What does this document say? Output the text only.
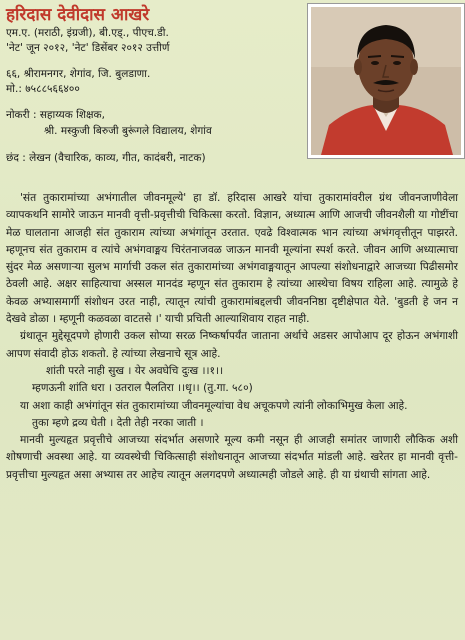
हरिदास देवीदास आखरे
एम.ए. (मराठी, इंग्रजी), बी.एड्., पीएच.डी.
'नेट' जून २०१२, 'नेट' डिसेंबर २०१२ उत्तीर्ण
६६, श्रीरामनगर, शेगांव, जि. बुलडाणा.
मो.: ७५८८५६६४००
नोकरी : सहाय्यक शिक्षक,
श्री. मस्कुजी बिरुजी बुरूंगले विद्यालय, शेगांव
छंद : लेखन (वैचारिक, काव्य, गीत, कादंबरी, नाटक)

'संत तुकारामांच्या अभंगातील जीवनमूल्ये' हा डॉ. हरिदास आखरे यांचा तुकारामांवरील ग्रंथ जीवनजाणीवेला व्यापकथनि सामोरे जाऊन मानवी वृत्ती-प्रवृत्तीची चिकित्सा करतो. विज्ञान, अध्यात्म आणि आजची जीवनशैली या गोष्टींचा मेळ घालताना आजही संत तुकाराम त्यांच्या अभंगांतून उरतात. एवढे विश्वात्मक भान त्यांच्या अभंगवृत्तीतून पाझरते. म्हणूनच संत तुकाराम व त्यांचे अभंगवाङ्मय चिरंतनाजवळ जाऊन मानवी मूल्यांना स्पर्श करते. जीवन आणि अध्यात्माचा सुंदर मेळ असणाऱ्या सुलभ मार्गाची उकल संत तुकारामांच्या अभंगवाङ्मयातून आपल्या संशोधनाद्वारे आजच्या पिढीसमोर ठेवली आहे. अक्षर साहित्याचा अस्सल मानदंड म्हणून संत तुकाराम हे त्यांच्या आस्थेचा विषय राहिला आहे. त्यामुळे हे केवळ अभ्यासमार्गी संशोधन उरत नाही, त्यातून त्यांची तुकारामांबद्दलची जीवननिष्ठा दृष्टीक्षेपात येते. 'बुडती हे जन न देखवे डोळा । म्हणूनी कळवळा वाटतसे ।' याची प्रचिती आल्याशिवाय राहत नाही.

ग्रंथातून मुद्देसूदपणे होणारी उकल सोप्या सरळ निष्कर्षापर्यंत जाताना अर्थाचे अडसर आपोआप दूर होऊन अभंगाशी आपण संवादी होऊ शकतो. हे त्यांच्या लेखनाचे सूत्र आहे.

शांती परते नाही सुख । येर अवघेचि दुःख ।।१।।

म्हणऊनी शांति धरा । उतराल पैलतिरा ।।धृ।। (तु.गा. ५८०)

या अशा काही अभंगांतून संत तुकारामांच्या जीवनमूल्यांचा वेध अचूकपणे त्यांनी लोकाभिमुख केला आहे.

तुका म्हणे द्रव्य घेती । देती तेही नरका जाती ।

मानवी मुल्यहृत प्रवृत्तीचे आजच्या संदर्भात असणारे मूल्य कमी नसून ही आजही समांतर जाणारी लौकिक अशी शोषणाची अवस्था आहे. या व्यवस्थेची चिकित्साही संशोधनातून आजच्या संदर्भात मांडली आहे. खरेतर हा मानवी वृत्ती-प्रवृत्तीचा मुल्यहृत असा अभ्यास तर आहेच त्यातून अलगदपणे अध्यात्मही जोडले आहे. ही या ग्रंथाची सांगता आहे.
